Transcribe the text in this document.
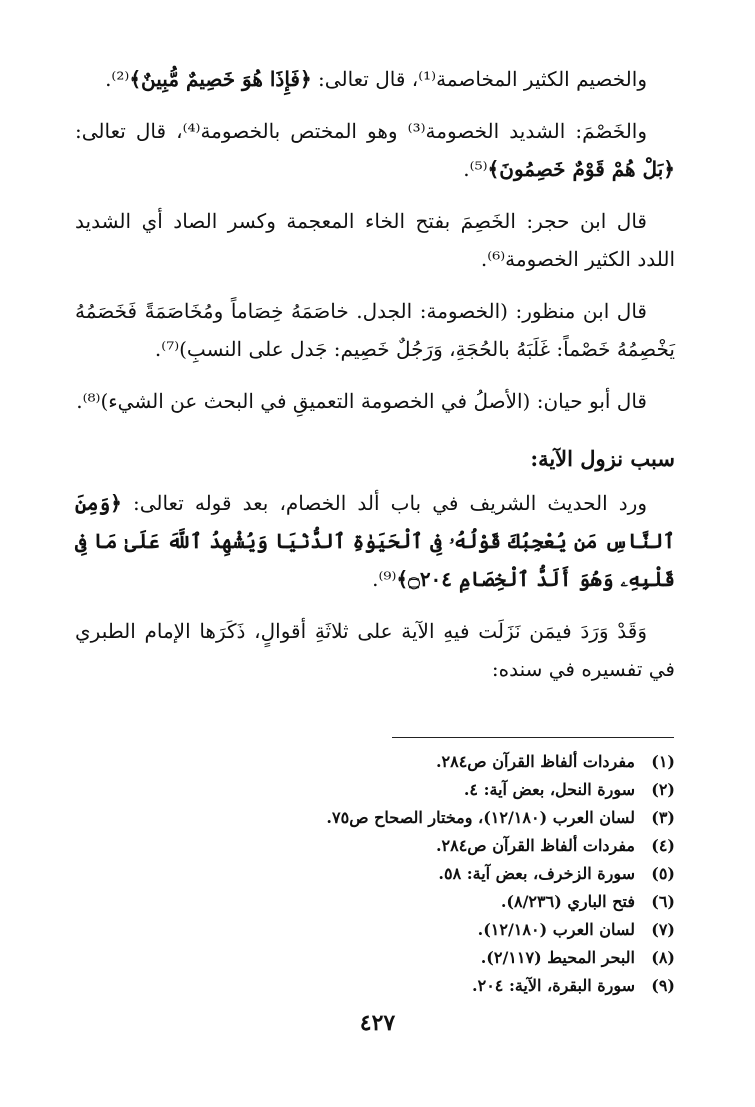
والخصيم الكثير المخاصمة⁽¹⁾، قال تعالى: ﴿فَإِذَا هُوَ خَصِيمٌ مُّبِينٌ﴾⁽²⁾.

والخَصْمَ: الشديد الخصومة⁽³⁾ وهو المختص بالخصومة⁽⁴⁾، قال تعالى: ﴿بَلْ هُمْ قَوْمٌ خَصِمُونَ﴾⁽⁵⁾.

قال ابن حجر: الخَصِمَ بفتح الخاء المعجمة وكسر الصاد أي الشديد اللدد الكثير الخصومة⁽⁶⁾.

قال ابن منظور: (الخصومة: الجدل. خاصَمَهُ خِصَاماً ومُخَاصَمَةً فَخَصَمُهُ يَخْصِمُهُ خَصْماً: غَلَبَهُ بالحُجَةِ، وَرَجُلٌ خَصِيم: جَدل على النسبِ)⁽⁷⁾.

قال أبو حيان: (الأصلُ في الخصومة التعميقِ في البحث عن الشيء)⁽⁸⁾.

سبب نزول الآية:

ورد الحديث الشريف في باب ألد الخصام، بعد قوله تعالى: ﴿وَمِنَ ٱلنَّاسِ مَن يُعْجِبُكَ قَوْلُهُۥ فِى ٱلْحَيَوٰةِ ٱلدُّنْيَا وَيُشْهِدُ ٱللَّهَ عَلَىٰ مَا فِى قَلْبِهِۦ وَهُوَ أَلَدُّ ٱلْخِصَامِ ۝٢٠٤﴾⁽⁹⁾.

وَقَدْ وَرَدَ فيمَن نَزَلَت فيهِ الآية على ثلاثَةِ أقوالٍ، ذَكَرَها الإمام الطبري في تفسيره في سنده:

(١)
مفردات ألفاظ القرآن ص٢٨٤.
(٢)
سورة النحل، بعض آية: ٤.
(٣)
لسان العرب (١٢/١٨٠)، ومختار الصحاح ص٧٥.
(٤)
مفردات ألفاظ القرآن ص٢٨٤.
(٥)
سورة الزخرف، بعض آية: ٥٨.
(٦)
فتح الباري (٨/٢٣٦).
(٧)
لسان العرب (١٢/١٨٠).
(٨)
البحر المحيط (٢/١١٧).
(٩)
سورة البقرة، الآية: ٢٠٤.
٤٢٧
